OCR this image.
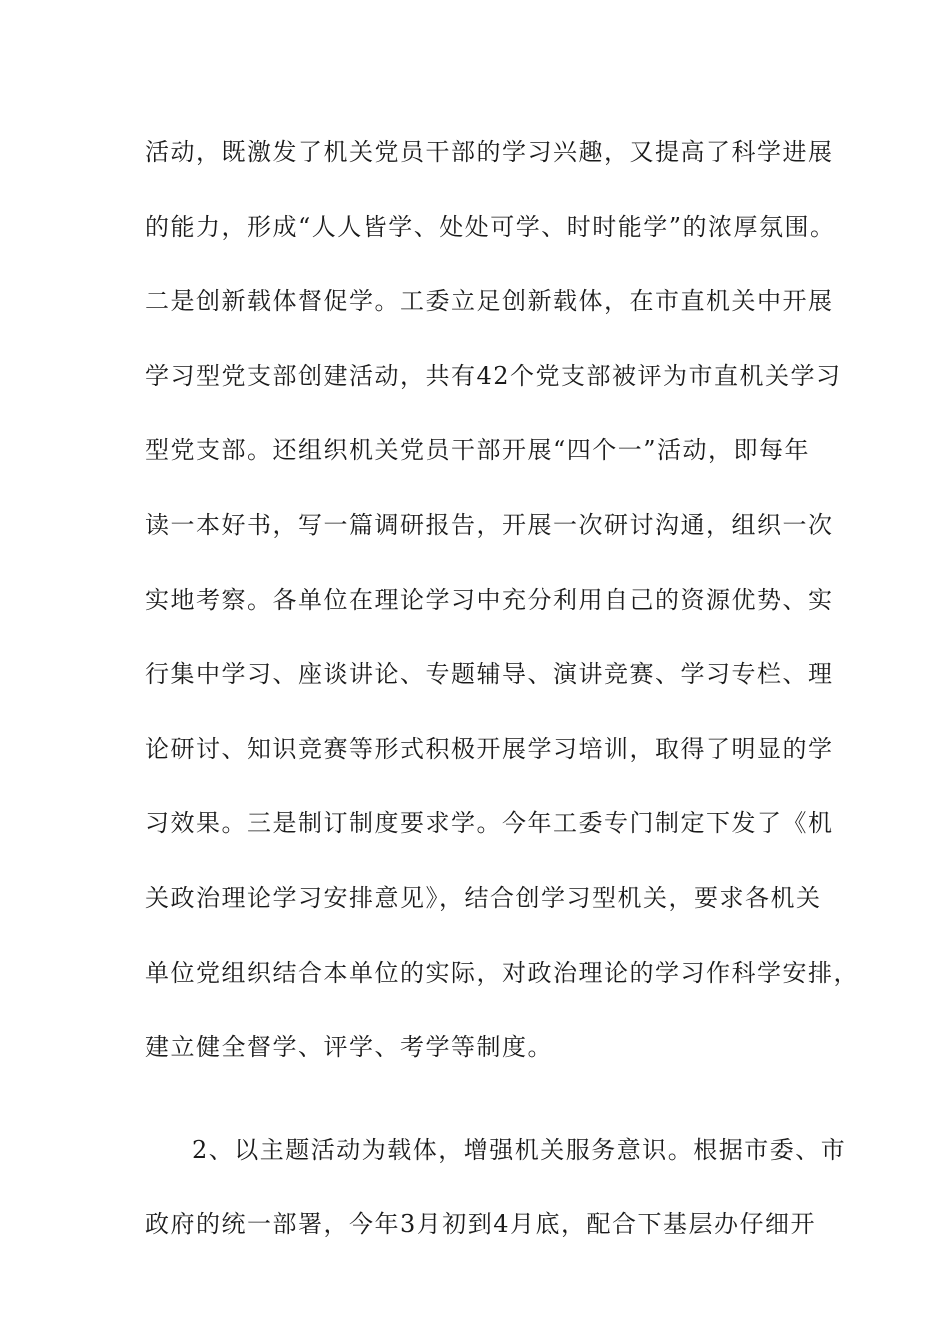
活动，既激发了机关党员干部的学习兴趣，又提高了科学进展
的能力，形成“人人皆学、处处可学、时时能学”的浓厚氛围。
二是创新载体督促学。工委立足创新载体，在市直机关中开展
学习型党支部创建活动，共有42个党支部被评为市直机关学习
型党支部。还组织机关党员干部开展“四个一”活动，即每年
读一本好书，写一篇调研报告，开展一次研讨沟通，组织一次
实地考察。各单位在理论学习中充分利用自己的资源优势、实
行集中学习、座谈讲论、专题辅导、演讲竞赛、学习专栏、理
论研讨、知识竞赛等形式积极开展学习培训，取得了明显的学
习效果。三是制订制度要求学。今年工委专门制定下发了《机
关政治理论学习安排意见》，结合创学习型机关，要求各机关
单位党组织结合本单位的实际，对政治理论的学习作科学安排，
建立健全督学、评学、考学等制度。
2、以主题活动为载体，增强机关服务意识。根据市委、市
政府的统一部署，今年3月初到4月底，配合下基层办仔细开
